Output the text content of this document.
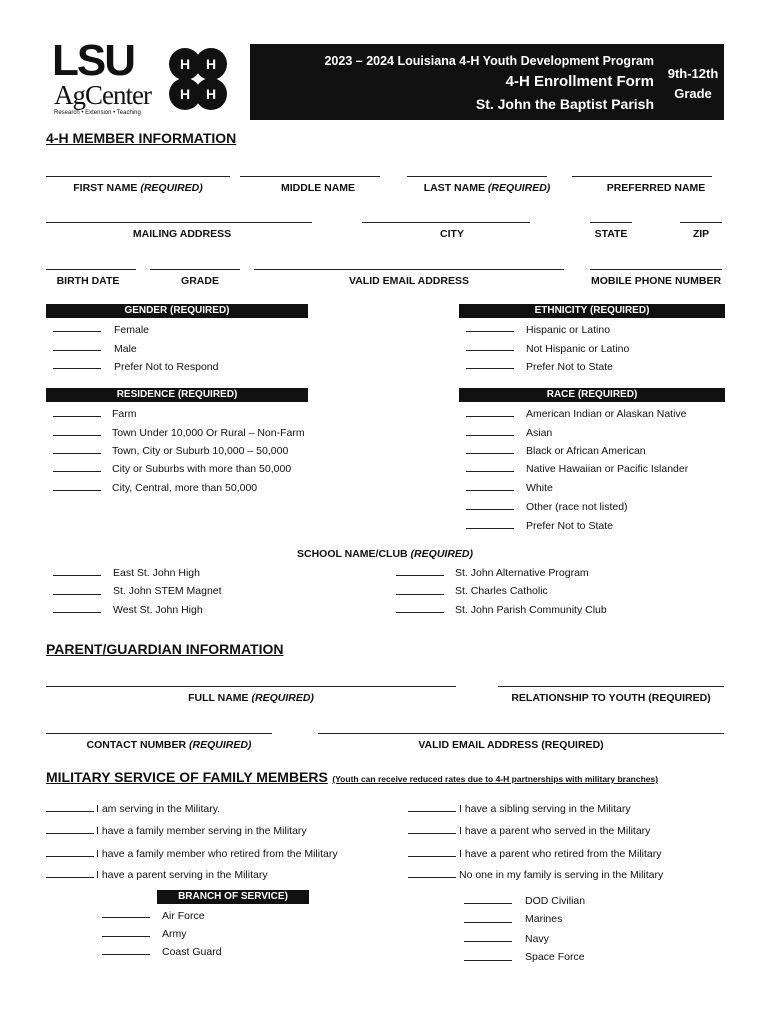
LSU
AgCenter
Research • Extension • Teaching
H H
H H
2023 – 2024 Louisiana 4-H Youth Development Program
4-H Enrollment Form
St. John the Baptist Parish
9th-12th
Grade
4-H MEMBER INFORMATION
FIRST NAME (REQUIRED)	MIDDLE NAME	LAST NAME (REQUIRED)	PREFERRED NAME
MAILING ADDRESS	CITY	STATE	ZIP
BIRTH DATE	GRADE	VALID EMAIL ADDRESS	MOBILE PHONE NUMBER
GENDER (REQUIRED)	ETHNICITY (REQUIRED)
Female
Male
Prefer Not to Respond
Hispanic or Latino
Not Hispanic or Latino
Prefer Not to State
RESIDENCE (REQUIRED)	RACE (REQUIRED)
Farm
Town Under 10,000 Or Rural – Non-Farm
Town, City or Suburb 10,000 – 50,000
City or Suburbs with more than 50,000
City, Central, more than 50,000
American Indian or Alaskan Native
Asian
Black or African American
Native Hawaiian or Pacific Islander
White
Other (race not listed)
Prefer Not to State
SCHOOL NAME/CLUB (REQUIRED)
East St. John High
St. John STEM Magnet
West St. John High
St. John Alternative Program
St. Charles Catholic
St. John Parish Community Club
PARENT/GUARDIAN INFORMATION
FULL NAME (REQUIRED)	RELATIONSHIP TO YOUTH (REQUIRED)
CONTACT NUMBER (REQUIRED)	VALID EMAIL ADDRESS (REQUIRED)
MILITARY SERVICE OF FAMILY MEMBERS (Youth can receive reduced rates due to 4-H partnerships with military branches)
I am serving in the Military.
I have a family member serving in the Military
I have a family member who retired from the Military
I have a parent serving in the Military
I have a sibling serving in the Military
I have a parent who served in the Military
I have a parent who retired from the Military
No one in my family is serving in the Military
BRANCH OF SERVICE)
Air Force
Army
Coast Guard
DOD Civilian
Marines
Navy
Space Force
